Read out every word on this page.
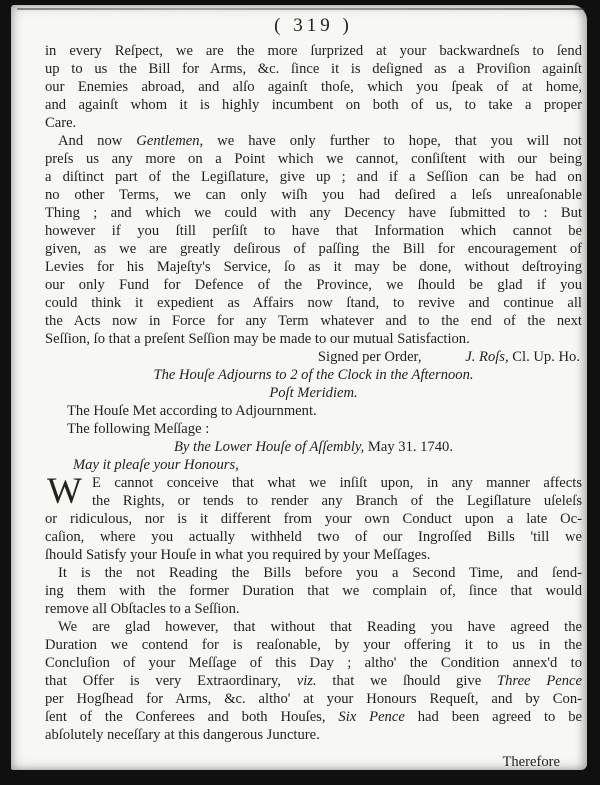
( 319 )
in every Reſpect, we are the more ſurprized at your backwardneſs to ſend
up to us the Bill for Arms, &c. ſince it is deſigned as a Proviſion againſt
our Enemies abroad, and alſo againſt thoſe, which you ſpeak of at home,
and againſt whom it is highly incumbent on both of us, to take a proper
Care.
And now Gentlemen, we have only further to hope, that you will not
preſs us any more on a Point which we cannot, conſiſtent with our being
a diſtinct part of the Legiſlature, give up ; and if a Seſſion can be had on
no other Terms, we can only wiſh you had deſired a leſs unreaſonable
Thing ; and which we could with any Decency have ſubmitted to : But
however if you ſtill perſiſt to have that Information which cannot be
given, as we are greatly deſirous of paſſing the Bill for encouragement of
Levies for his Majeſty's Service, ſo as it may be done, without deſtroying
our only Fund for Defence of the Province, we ſhould be glad if you
could think it expedient as Affairs now ſtand, to revive and continue all
the Acts now in Force for any Term whatever and to the end of the next
Seſſion, ſo that a preſent Seſſion may be made to our mutual Satisfaction.
Signed per Order,   J. Roſs, Cl. Up. Ho.
The Houſe Adjourns to 2 of the Clock in the Afternoon.
Poſt Meridiem.
The Houſe Met according to Adjournment.
The following Meſſage :
By the Lower Houſe of Aſſembly, May 31. 1740.
May it pleaſe your Honours,
W E cannot conceive that what we inſiſt upon, in any manner affects
the Rights, or tends to render any Branch of the Legiſlature uſeleſs
or ridiculous, nor is it different from your own Conduct upon a late Oc-
caſion, where you actually withheld two of our Ingroſſed Bills 'till we
ſhould Satisfy your Houſe in what you required by your Meſſages.
It is the not Reading the Bills before you a Second Time, and ſend-
ing them with the former Duration that we complain of, ſince that would
remove all Obſtacles to a Seſſion.
We are glad however, that without that Reading you have agreed the
Duration we contend for is reaſonable, by your offering it to us in the
Concluſion of your Meſſage of this Day ; altho' the Condition annex'd to
that Offer is very Extraordinary, viz. that we ſhould give Three Pence
per Hogſhead for Arms, &c. altho' at your Honours Requeſt, and by Con-
ſent of the Conferees and both Houſes, Six Pence had been agreed to be
abſolutely neceſſary at this dangerous Juncture.
Therefore
